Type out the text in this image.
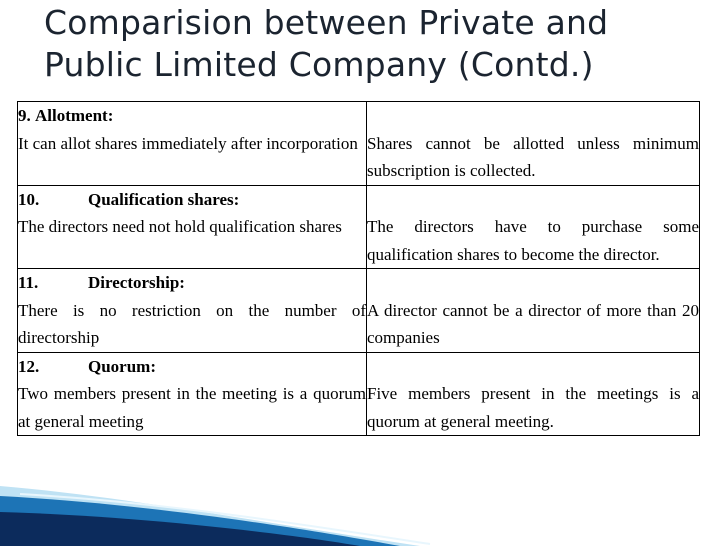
Comparision between Private and
Public Limited Company (Contd.)
9. Allotment:	
It can allot shares immediately after incorporation	Shares cannot be allotted unless minimum subscription is collected.
10. Qualification shares:	
The directors need not hold qualification shares	The directors have to purchase some qualification shares to become the director.
11. Directorship:	
There is no restriction on the number of directorship	A director cannot be a director of more than 20 companies
12. Quorum:	
Two members present in the meeting is a quorum at general meeting	Five members present in the meetings is a quorum at general meeting.
